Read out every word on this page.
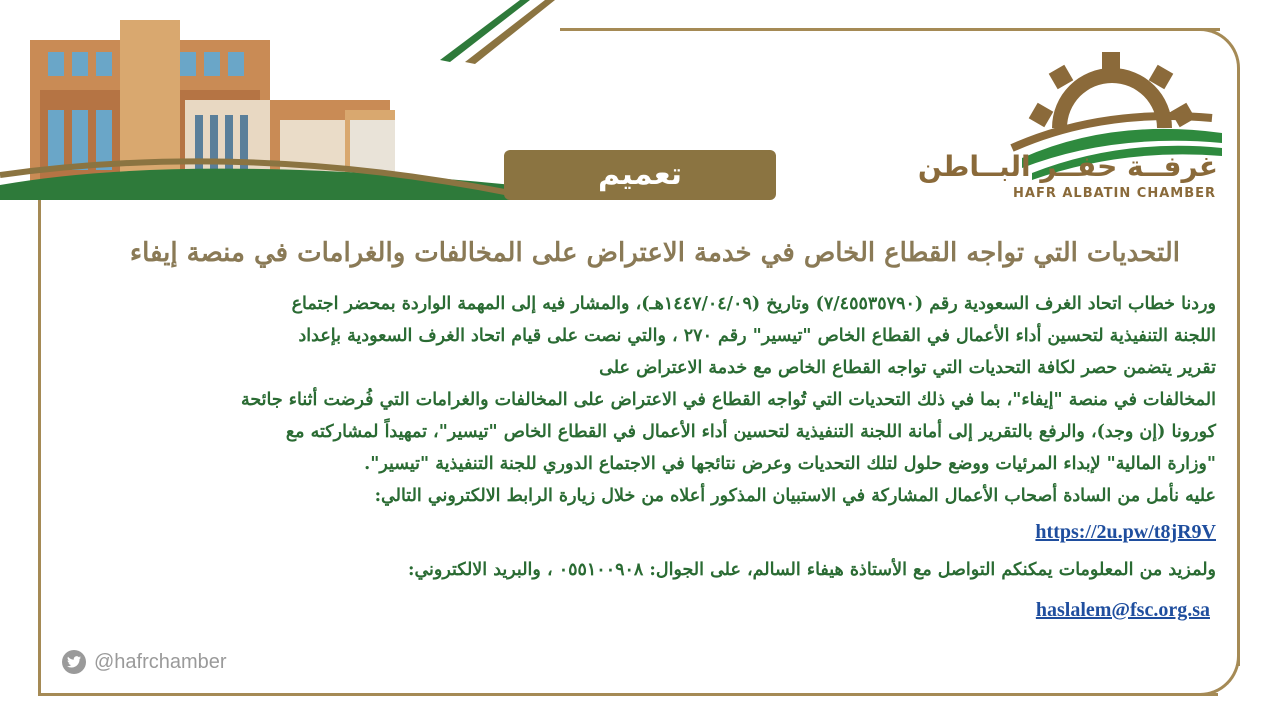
غرفــة حفــر البــاطن
HAFR ALBATIN CHAMBER
تعميم
التحديات التي تواجه القطاع الخاص في خدمة الاعتراض على المخالفات والغرامات في منصة إيفاء

وردنا خطاب اتحاد الغرف السعودية رقم (٧/٤٥٥٣٥٧٩٠) وتاريخ (١٤٤٧/٠٤/٠٩هـ)، والمشار فيه إلى المهمة الواردة بمحضر اجتماع

اللجنة التنفيذية لتحسين أداء الأعمال في القطاع الخاص "تيسير" رقم ٢٧٠ ، والتي نصت على قيام اتحاد الغرف السعودية بإعداد

تقرير يتضمن حصر لكافة التحديات التي تواجه القطاع الخاص مع خدمة الاعتراض على

المخالفات في منصة "إيفاء"، بما في ذلك التحديات التي تُواجه القطاع في الاعتراض على المخالفات والغرامات التي فُرضت أثناء جائحة

كورونا (إن وجد)، والرفع بالتقرير إلى أمانة اللجنة التنفيذية لتحسين أداء الأعمال في القطاع الخاص "تيسير"، تمهيداً لمشاركته مع

"وزارة المالية" لإبداء المرئيات ووضع حلول لتلك التحديات وعرض نتائجها في الاجتماع الدوري للجنة التنفيذية "تيسير".

عليه نأمل من السادة أصحاب الأعمال المشاركة في الاستبيان المذكور أعلاه من خلال زيارة الرابط الالكتروني التالي:

https://2u.pw/t8jR9V

ولمزيد من المعلومات يمكنكم التواصل مع الأستاذة هيفاء السالم، على الجوال: ٠٥٥١٠٠٩٠٨ ، والبريد الالكتروني:

haslalem@fsc.org.sa
@hafrchamber
